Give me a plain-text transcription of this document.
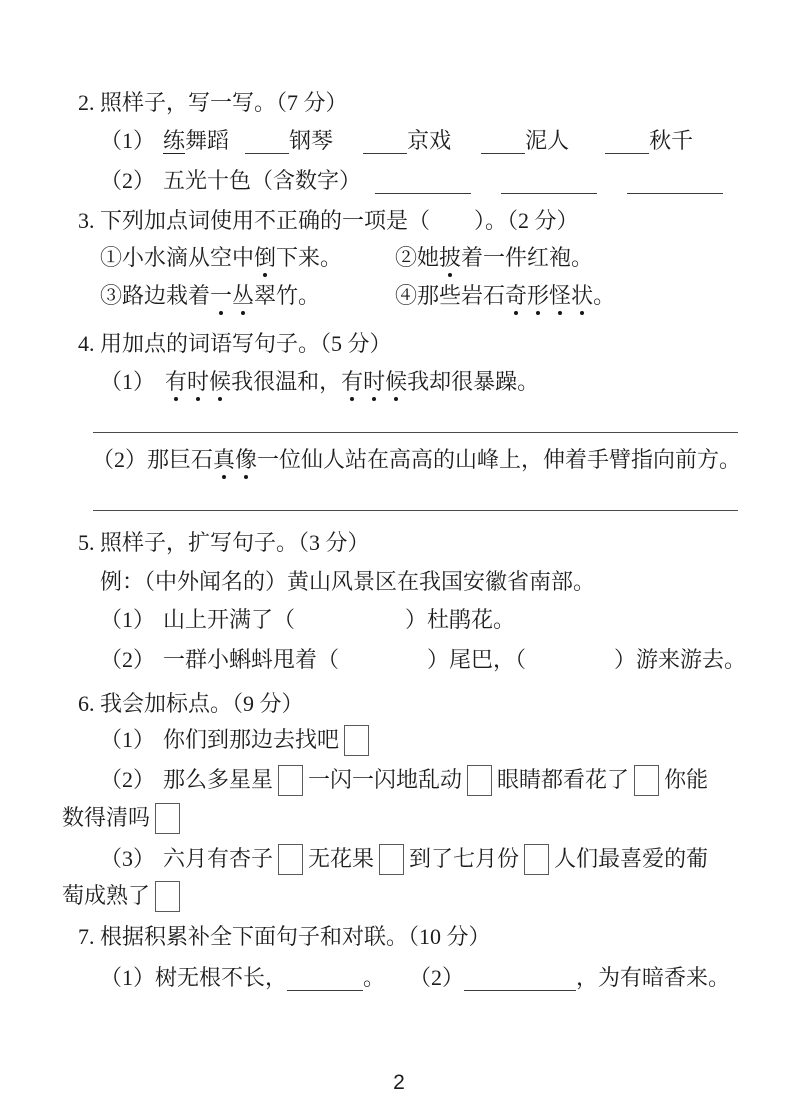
2. 照样子，写一写。（7 分）
（1） 练舞蹈	钢琴	京戏	泥人	秋千
（2） 五光十色（含数字）
3. 下列加点词使用不正确的一项是（　　）。（2 分）
①小水滴从空中倒下来。 ②她披着一件红袍。
③路边栽着一丛翠竹。	④那些岩石奇形怪状。
4. 用加点的词语写句子。（5 分）
（1） 有时候我很温和，有时候我却很暴躁。
（2）那巨石真像一位仙人站在高高的山峰上，伸着手臂指向前方。
5. 照样子，扩写句子。（3 分）
例：（中外闻名的）黄山风景区在我国安徽省南部。
（1） 山上开满了（　　　　　）杜鹃花。
（2） 一群小蝌蚪甩着（　　　　）尾巴，（　　　　）游来游去。
6. 我会加标点。（9 分）
（1） 你们到那边去找吧
（2） 那么多星星 一闪一闪地乱动 眼睛都看花了 你能
数得清吗
（3） 六月有杏子 无花果 到了七月份 人们最喜爱的葡
萄成熟了
7. 根据积累补全下面句子和对联。（10 分）
（1）树无根不长，	。 （2）	，为有暗香来。
2
